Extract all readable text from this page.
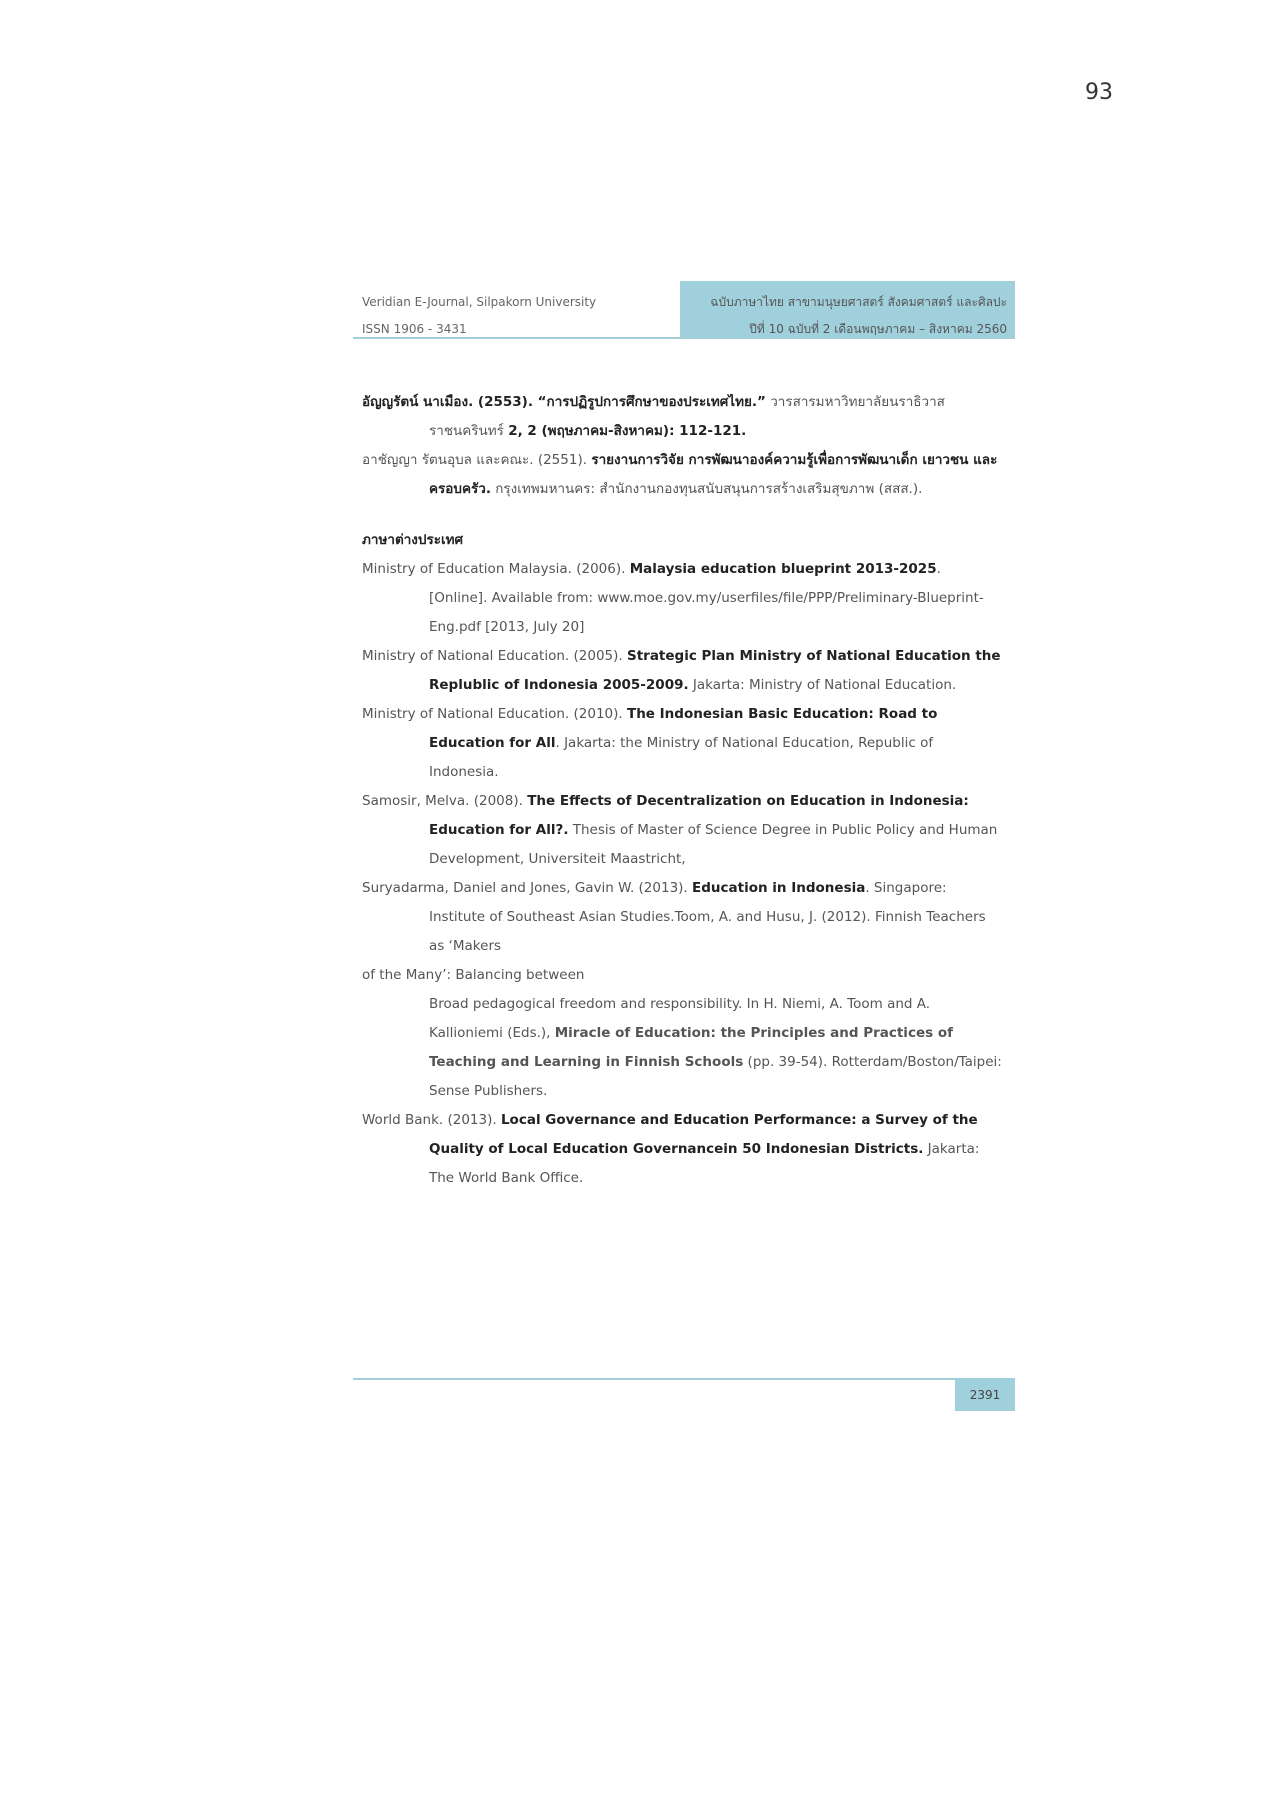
93
Veridian E-Journal, Silpakorn University
ISSN 1906 - 3431
ฉบับภาษาไทย สาขามนุษยศาสตร์ สังคมศาสตร์ และศิลปะ
ปีที่ 10 ฉบับที่ 2 เดือนพฤษภาคม – สิงหาคม 2560

อัญญรัตน์ นาเมือง. (2553). “การปฏิรูปการศึกษาของประเทศไทย.” วารสารมหาวิทยาลัยนราธิวาส
ราชนครินทร์ 2, 2 (พฤษภาคม-สิงหาคม): 112-121.

อาชัญญา รัตนอุบล และคณะ. (2551). รายงานการวิจัย การพัฒนาองค์ความรู้เพื่อการพัฒนาเด็ก เยาวชน และครอบครัว. กรุงเทพมหานคร: สำนักงานกองทุนสนับสนุนการสร้างเสริมสุขภาพ (สสส.).

ภาษาต่างประเทศ

Ministry of Education Malaysia. (2006). Malaysia education blueprint 2013-2025. [Online]. Available from: www.moe.gov.my/userfiles/file/PPP/Preliminary-Blueprint-Eng.pdf [2013, July 20]

Ministry of National Education. (2005). Strategic Plan Ministry of National Education the Replublic of Indonesia 2005-2009. Jakarta: Ministry of National Education.

Ministry of National Education. (2010). The Indonesian Basic Education: Road to Education for All. Jakarta: the Ministry of National Education, Republic of Indonesia.

Samosir, Melva. (2008). The Effects of Decentralization on Education in Indonesia: Education for All?. Thesis of Master of Science Degree in Public Policy and Human Development, Universiteit Maastricht,

Suryadarma, Daniel and Jones, Gavin W. (2013). Education in Indonesia. Singapore: Institute of Southeast Asian Studies.Toom, A. and Husu, J. (2012). Finnish Teachers as ‘Makers

of the Many’: Balancing between

Broad pedagogical freedom and responsibility. In H. Niemi, A. Toom and A. Kallioniemi (Eds.), Miracle of Education: the Principles and Practices of Teaching and Learning in Finnish Schools (pp. 39-54). Rotterdam/Boston/Taipei: Sense Publishers.

World Bank. (2013). Local Governance and Education Performance: a Survey of the Quality of Local Education Governancein 50 Indonesian Districts. Jakarta: The World Bank Office.

2391
